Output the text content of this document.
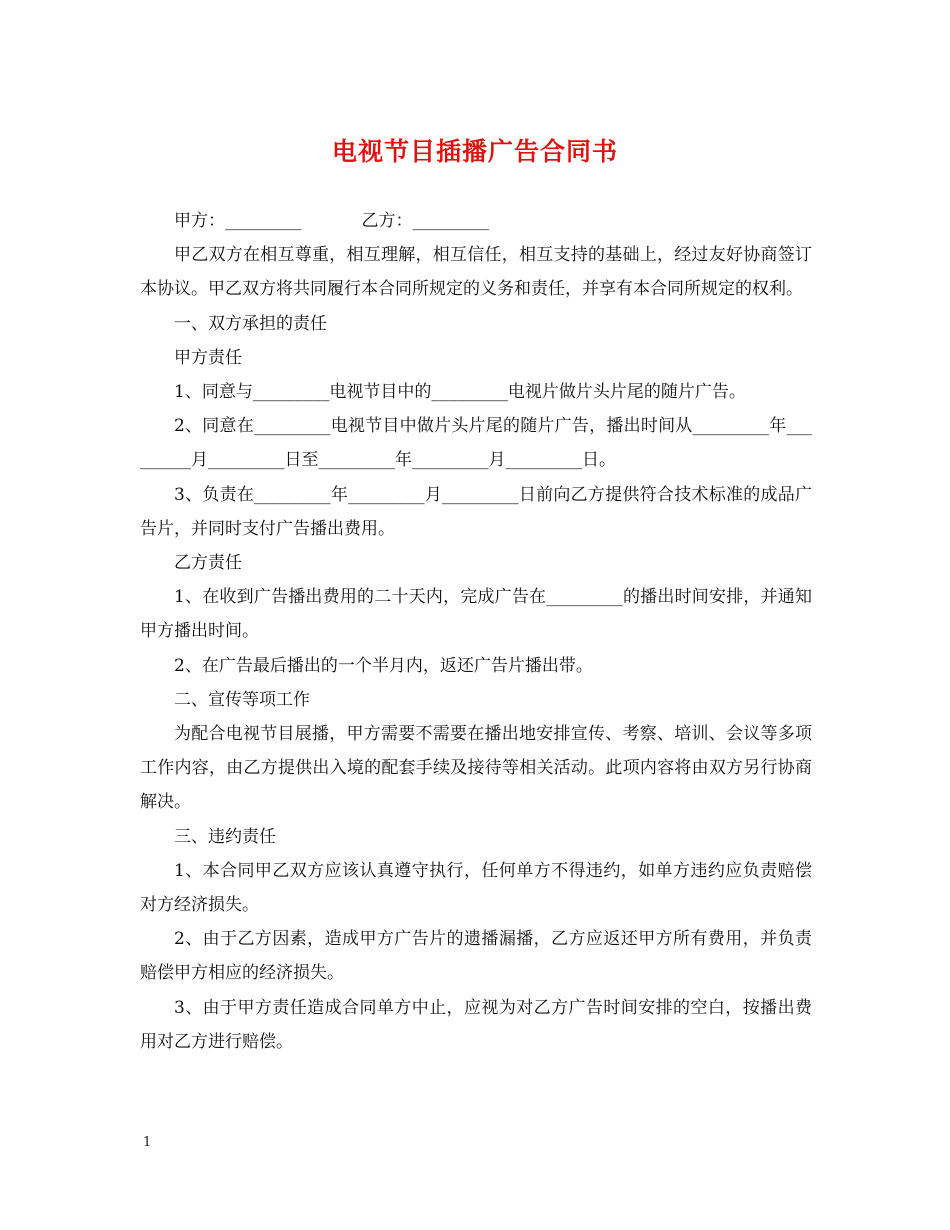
电视节目插播广告合同书

甲方：_________	乙方：_________

甲乙双方在相互尊重，相互理解，相互信任，相互支持的基础上，经过友好协商签订本协议。甲乙双方将共同履行本合同所规定的义务和责任，并享有本合同所规定的权利。

一、双方承担的责任

甲方责任

1、同意与_________电视节目中的_________电视片做片头片尾的随片广告。

2、同意在_________电视节目中做片头片尾的随片广告，播出时间从_________年_________月_________日至_________年_________月_________日。

3、负责在_________年_________月_________日前向乙方提供符合技术标准的成品广告片，并同时支付广告播出费用。

乙方责任

1、在收到广告播出费用的二十天内，完成广告在_________的播出时间安排，并通知甲方播出时间。

2、在广告最后播出的一个半月内，返还广告片播出带。

二、宣传等项工作

为配合电视节目展播，甲方需要不需要在播出地安排宣传、考察、培训、会议等多项工作内容，由乙方提供出入境的配套手续及接待等相关活动。此项内容将由双方另行协商解决。

三、违约责任

1、本合同甲乙双方应该认真遵守执行，任何单方不得违约，如单方违约应负责赔偿对方经济损失。

2、由于乙方因素，造成甲方广告片的遗播漏播，乙方应返还甲方所有费用，并负责赔偿甲方相应的经济损失。

3、由于甲方责任造成合同单方中止，应视为对乙方广告时间安排的空白，按播出费用对乙方进行赔偿。

1
